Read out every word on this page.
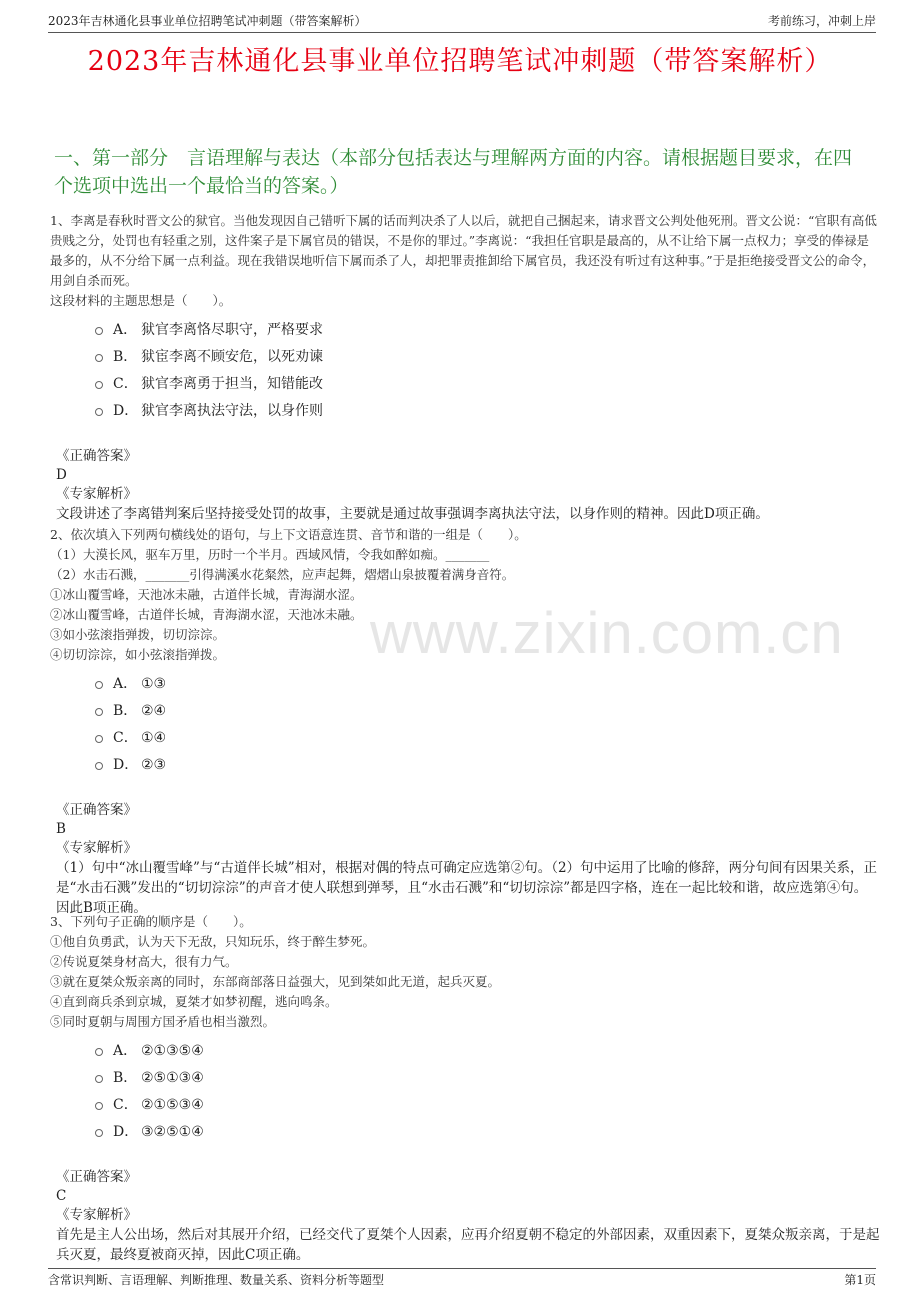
2023年吉林通化县事业单位招聘笔试冲刺题（带答案解析）	考前练习，冲刺上岸
2023年吉林通化县事业单位招聘笔试冲刺题（带答案解析）

一、第一部分　言语理解与表达（本部分包括表达与理解两方面的内容。请根据题目要求，在四个选项中选出一个最恰当的答案。）

www.zixin.com.cn

1、李离是春秋时晋文公的狱官。当他发现因自己错听下属的话而判决杀了人以后，就把自己捆起来，请求晋文公判处他死刑。晋文公说：“官职有高低贵贱之分，处罚也有轻重之别，这件案子是下属官员的错误，不是你的罪过。”李离说：“我担任官职是最高的，从不让给下属一点权力；享受的俸禄是最多的，从不分给下属一点利益。现在我错误地听信下属而杀了人，却把罪责推卸给下属官员，我还没有听过有这种事。”于是拒绝接受晋文公的命令，用剑自杀而死。

这段材料的主题思想是（　　）。

A． 狱官李离恪尽职守，严格要求
B． 狱宦李离不顾安危，以死劝谏
C． 狱官李离勇于担当，知错能改
D． 狱官李离执法守法，以身作则

《正确答案》

D

《专家解析》

文段讲述了李离错判案后坚持接受处罚的故事，主要就是通过故事强调李离执法守法，以身作则的精神。因此D项正确。

2、依次填入下列两句横线处的语句，与上下文语意连贯、音节和谐的一组是（　　）。

（1）大漠长风，驱车万里，历时一个半月。西域风情，令我如醉如痴。_______

（2）水击石溅，_______引得满溪水花粲然，应声起舞，熠熠山泉披覆着满身音符。

①冰山覆雪峰，天池冰未融，古道伴长城，青海湖水涩。

②冰山覆雪峰，古道伴长城，青海湖水涩，天池冰未融。

③如小弦滚指弹拨，切切淙淙。

④切切淙淙，如小弦滚指弹拨。

A． ①③
B． ②④
C． ①④
D． ②③

《正确答案》

B

《专家解析》

（1）句中“冰山覆雪峰”与“古道伴长城”相对，根据对偶的特点可确定应选第②句。（2）句中运用了比喻的修辞，两分句间有因果关系，正是“水击石溅”发出的“切切淙淙”的声音才使人联想到弹琴，且“水击石溅”和“切切淙淙”都是四字格，连在一起比较和谐，故应选第④句。因此B项正确。

3、下列句子正确的顺序是（　　）。

①他自负勇武，认为天下无敌，只知玩乐，终于醉生梦死。

②传说夏桀身材高大，很有力气。

③就在夏桀众叛亲离的同时，东部商部落日益强大，见到桀如此无道，起兵灭夏。

④直到商兵杀到京城，夏桀才如梦初醒，逃向鸣条。

⑤同时夏朝与周围方国矛盾也相当激烈。

A． ②①③⑤④
B． ②⑤①③④
C． ②①⑤③④
D． ③②⑤①④

《正确答案》

C

《专家解析》

首先是主人公出场，然后对其展开介绍，已经交代了夏桀个人因素，应再介绍夏朝不稳定的外部因素，双重因素下，夏桀众叛亲离，于是起兵灭夏，最终夏被商灭掉，因此C项正确。

含常识判断、言语理解、判断推理、数量关系、资料分析等题型	第1页
